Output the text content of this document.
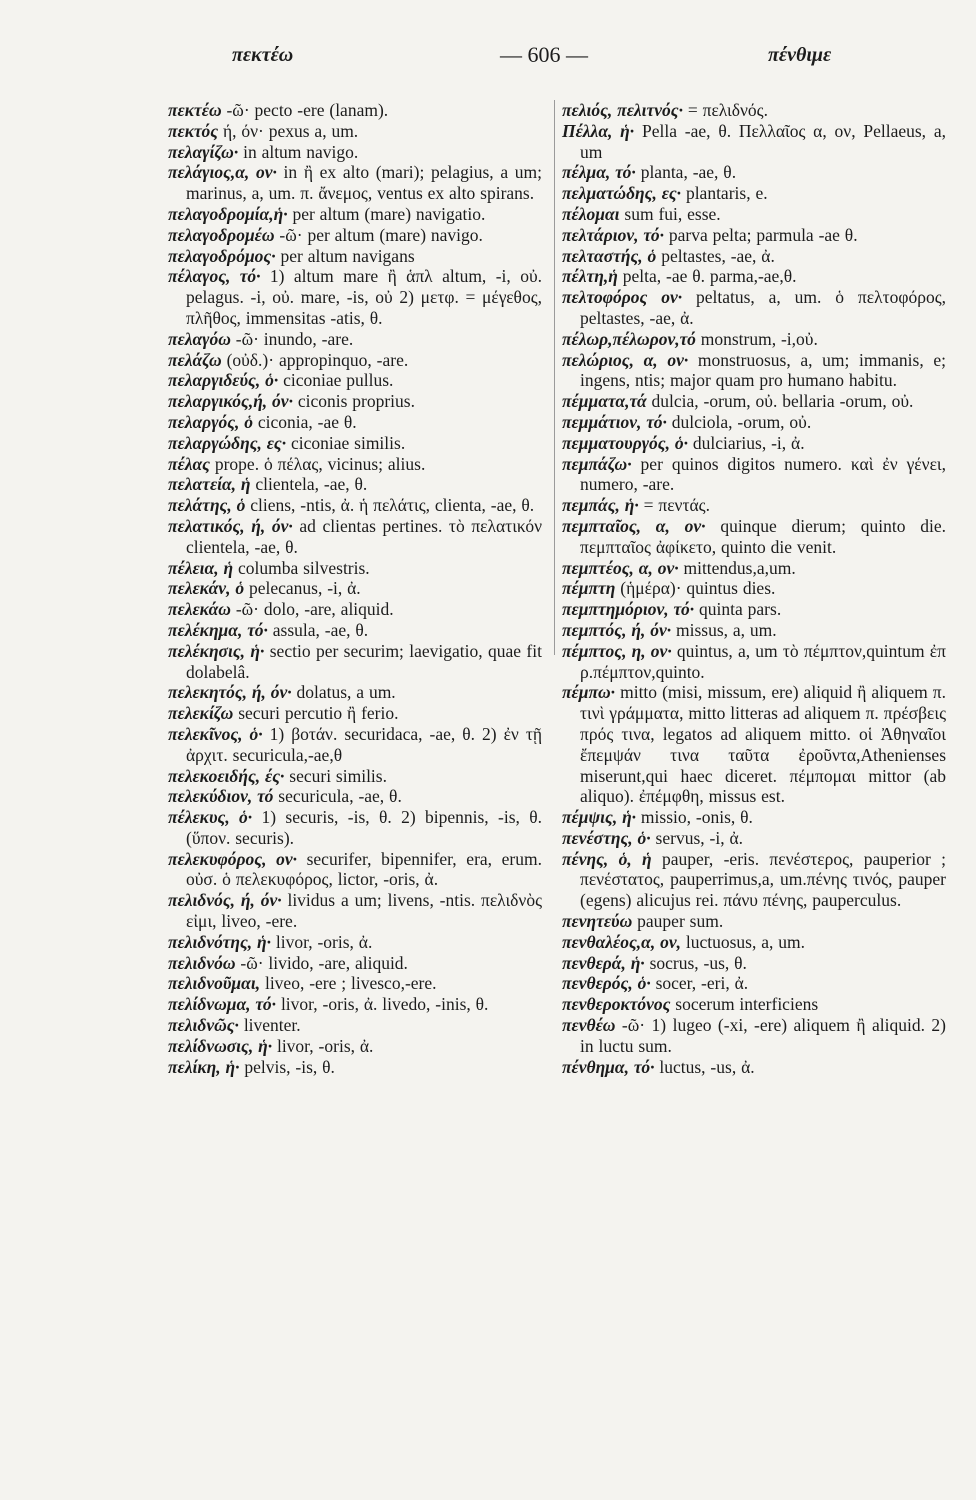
πεκτέω	— 606 —	πένθιμε

πεκτέω -ῶ· pecto -ere (lanam).

πεκτός ή, όν· pexus a, um.

πελαγίζω· in altum navigo.

πελάγιος,α, ον· in ἢ ex alto (mari); pelagius, a um; marinus, a, um. π. ἄνεμος, ventus ex alto spirans.

πελαγοδρομία,ἡ· per altum (mare) navigatio.

πελαγοδρομέω -ῶ· per altum (mare) navigo.

πελαγοδρόμος· per altum navigans

πέλαγος, τό· 1) altum mare ἢ ἁπλ altum, -i, οὐ. pelagus. -i, οὐ. mare, -is, οὐ 2) μετφ. = μέγεθος, πλῆθος, immensitas -atis, θ.

πελαγόω -ῶ· inundo, -are.

πελάζω (οὐδ.)· appropinquo, -are.

πελαργιδεύς, ὁ· ciconiae pullus.

πελαργικός,ή, όν· ciconis proprius.

πελαργός, ὁ ciconia, -ae θ.

πελαργώδης, ες· ciconiae similis.

πέλας prope. ὁ πέλας, vicinus; alius.

πελατεία, ἡ clientela, -ae, θ.

πελάτης, ὁ cliens, -ntis, ἀ. ἡ πελάτις, clienta, -ae, θ.

πελατικός, ή, όν· ad clientas pertines. τὸ πελατικόν clientela, -ae, θ.

πέλεια, ἡ columba silvestris.

πελεκάν, ὁ pelecanus, -i, ἀ.

πελεκάω -ῶ· dolo, -are, aliquid.

πελέκημα, τό· assula, -ae, θ.

πελέκησις, ἡ· sectio per securim; laevigatio, quae fit dolabelâ.

πελεκητός, ή, όν· dolatus, a um.

πελεκίζω securi percutio ἢ ferio.

πελεκῖνος, ὁ· 1) βοτάν. securidaca, -ae, θ. 2) ἐν τῇ ἀρχιτ. securicula,-ae,θ

πελεκοειδής, ές· securi similis.

πελεκύδιον, τό securicula, -ae, θ.

πέλεκυς, ὁ· 1) securis, -is, θ. 2) bipennis, -is, θ. (ὕπον. securis).

πελεκυφόρος, ον· securifer, bipennifer, era, erum. οὐσ. ὁ πελεκυφόρος, lictor, -oris, ἀ.

πελιδνός, ή, όν· lividus a um; livens, -ntis. πελιδνὸς εἰμι, liveo, -ere.

πελιδνότης, ἡ· livor, -oris, ἀ.

πελιδνόω -ῶ· livido, -are, aliquid.

πελιδνοῦμαι, liveo, -ere ; livesco,-ere.

πελίδνωμα, τό· livor, -oris, ἀ. livedo, -inis, θ.

πελιδνῶς· liventer.

πελίδνωσις, ἡ· livor, -oris, ἀ.

πελίκη, ἡ· pelvis, -is, θ.

πελιός, πελιτνός· = πελιδνός.

Πέλλα, ἡ· Pella -ae, θ. Πελλαῖος α, ον, Pellaeus, a, um

πέλμα, τό· planta, -ae, θ.

πελματώδης, ες· plantaris, e.

πέλομαι sum fui, esse.

πελτάριον, τό· parva pelta; parmula -ae θ.

πελταστής, ὁ peltastes, -ae, ἀ.

πέλτη,ἡ pelta, -ae θ. parma,-ae,θ.

πελτοφόρος ον· peltatus, a, um. ὁ πελτοφόρος, peltastes, -ae, ἀ.

πέλωρ,πέλωρον,τό monstrum, -i,οὐ.

πελώριος, α, ον· monstruosus, a, um; immanis, e; ingens, ntis; major quam pro humano habitu.

πέμματα,τά dulcia, -orum, οὐ. bellaria -orum, οὐ.

πεμμάτιον, τό· dulciola, -orum, οὐ.

πεμματουργός, ὁ· dulciarius, -i, ἀ.

πεμπάζω· per quinos digitos numero. καὶ ἐν γένει, numero, -are.

πεμπάς, ἡ· = πεντάς.

πεμπταῖος, α, ον· quinque dierum; quinto die. πεμπταῖος ἀφίκετο, quinto die venit.

πεμπτέος, α, ον· mittendus,a,um.

πέμπτη (ἡμέρα)· quintus dies.

πεμπτημόριον, τό· quinta pars.

πεμπτός, ή, όν· missus, a, um.

πέμπτος, η, ον· quintus, a, um τὸ πέμπτον,quintum ἐπ ρ.πέμπτον,quinto.

πέμπω· mitto (misi, missum, ere) aliquid ἢ aliquem π. τινὶ γράμματα, mitto litteras ad aliquem π. πρέσβεις πρός τινα, legatos ad aliquem mitto. οἱ Ἀθηναῖοι ἔπεμψάν τινα ταῦτα ἐροῦντα,Athenienses miserunt,qui haec diceret. πέμπομαι mittor (ab aliquo). ἐπέμφθη, missus est.

πέμψις, ἡ· missio, -onis, θ.

πενέστης, ὁ· servus, -i, ἀ.

πένης, ὁ, ἡ pauper, -eris. πενέστερος, pauperior ; πενέστατος, pauperrimus,a, um.πένης τινός, pauper (egens) alicujus rei. πάνυ πένης, pauperculus.

πενητεύω pauper sum.

πενθαλέος,α, ον, luctuosus, a, um.

πενθερά, ἡ· socrus, -us, θ.

πενθερός, ὁ· socer, -eri, ἀ.

πενθεροκτόνος socerum interficiens

πενθέω -ῶ· 1) lugeo (-xi, -ere) aliquem ἢ aliquid. 2) in luctu sum.

πένθημα, τό· luctus, -us, ἀ.
